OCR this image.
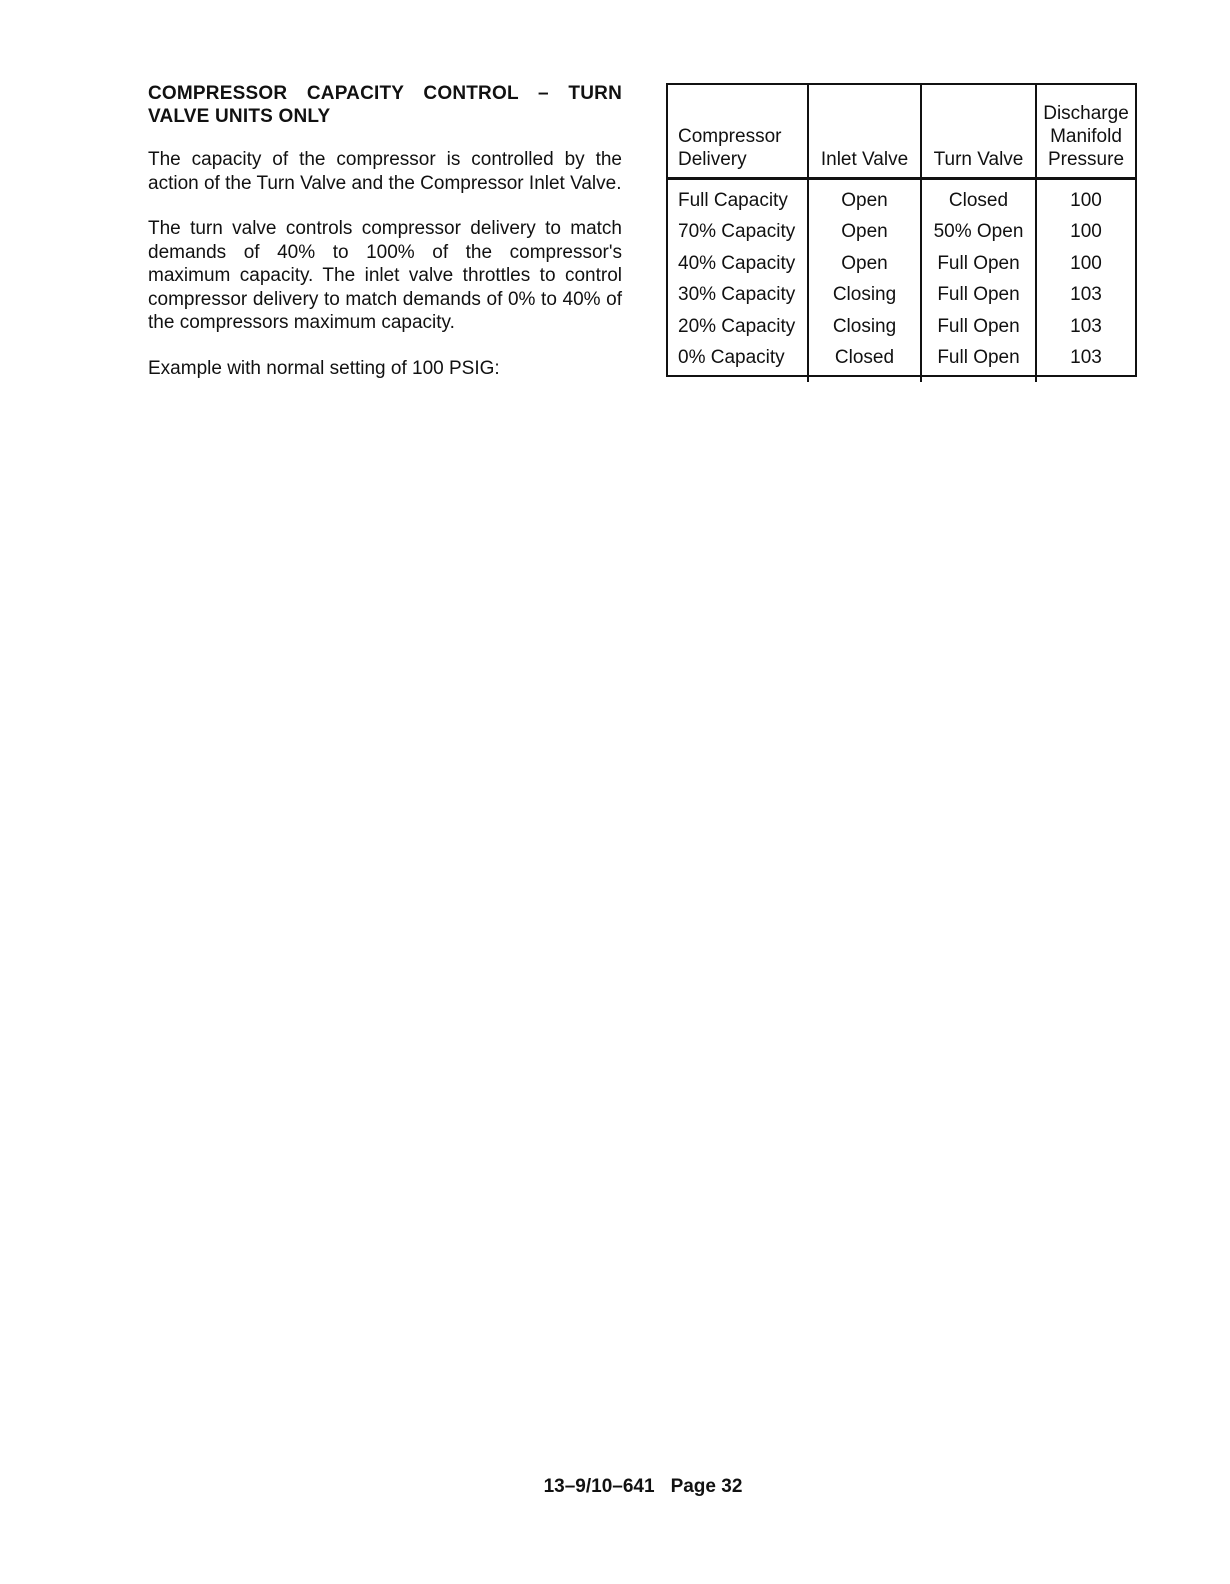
COMPRESSOR CAPACITY CONTROL – TURN VALVE UNITS ONLY

The capacity of the compressor is controlled by the action of the Turn Valve and the Compressor Inlet Valve.

The turn valve controls compressor delivery to match demands of 40% to 100% of the compressor's maximum capacity. The inlet valve throttles to control compressor delivery to match demands of 0% to 40% of the compressors maximum capacity.

Example with normal setting of 100 PSIG:

Compressor
Delivery	Inlet Valve	Turn Valve	Discharge
Manifold
Pressure
Full Capacity	Open	Closed	100
70% Capacity	Open	50% Open	100
40% Capacity	Open	Full Open	100
30% Capacity	Closing	Full Open	103
20% Capacity	Closing	Full Open	103
0% Capacity	Closed	Full Open	103
13–9/10–641 Page 32
